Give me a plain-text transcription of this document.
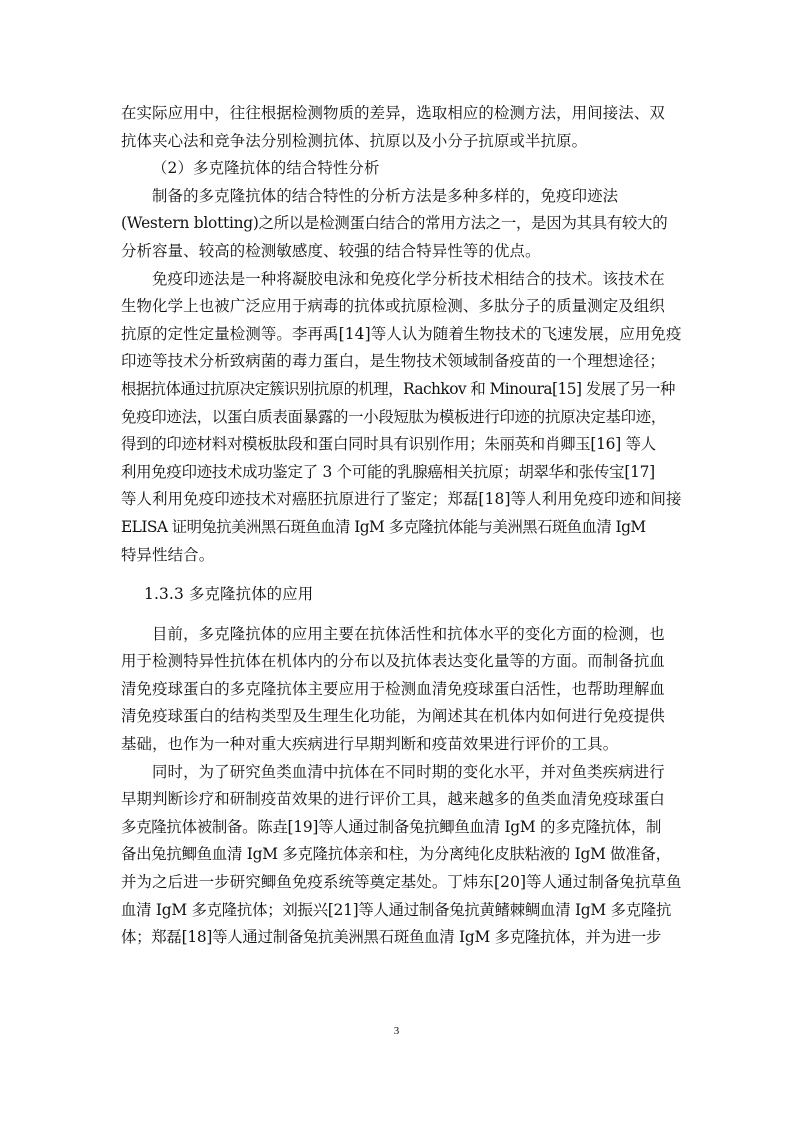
在实际应用中，往往根据检测物质的差异，选取相应的检测方法，用间接法、双
抗体夹心法和竞争法分别检测抗体、抗原以及小分子抗原或半抗原。
（2）多克隆抗体的结合特性分析
制备的多克隆抗体的结合特性的分析方法是多种多样的，免疫印迹法
(Western blotting)之所以是检测蛋白结合的常用方法之一，是因为其具有较大的
分析容量、较高的检测敏感度、较强的结合特异性等的优点。
免疫印迹法是一种将凝胶电泳和免疫化学分析技术相结合的技术。该技术在
生物化学上也被广泛应用于病毒的抗体或抗原检测、多肽分子的质量测定及组织
抗原的定性定量检测等。李再禹[14]等人认为随着生物技术的飞速发展，应用免疫
印迹等技术分析致病菌的毒力蛋白，是生物技术领域制备疫苗的一个理想途径；
根据抗体通过抗原决定簇识别抗原的机理，Rachkov 和 Minoura[15] 发展了另一种
免疫印迹法，以蛋白质表面暴露的一小段短肽为模板进行印迹的抗原决定基印迹，
得到的印迹材料对模板肽段和蛋白同时具有识别作用；朱丽英和肖卿玉[16] 等人
利用免疫印迹技术成功鉴定了 3 个可能的乳腺癌相关抗原；胡翠华和张传宝[17]
等人利用免疫印迹技术对癌胚抗原进行了鉴定；郑磊[18]等人利用免疫印迹和间接
ELISA 证明兔抗美洲黑石斑鱼血清 IgM 多克隆抗体能与美洲黑石斑鱼血清 IgM
特异性结合。
1.3.3 多克隆抗体的应用
目前，多克隆抗体的应用主要在抗体活性和抗体水平的变化方面的检测，也
用于检测特异性抗体在机体内的分布以及抗体表达变化量等的方面。而制备抗血
清免疫球蛋白的多克隆抗体主要应用于检测血清免疫球蛋白活性，也帮助理解血
清免疫球蛋白的结构类型及生理生化功能，为阐述其在机体内如何进行免疫提供
基础，也作为一种对重大疾病进行早期判断和疫苗效果进行评价的工具。
同时，为了研究鱼类血清中抗体在不同时期的变化水平，并对鱼类疾病进行
早期判断诊疗和研制疫苗效果的进行评价工具，越来越多的鱼类血清免疫球蛋白
多克隆抗体被制备。陈垚[19]等人通过制备兔抗鲫鱼血清 IgM 的多克隆抗体，制
备出兔抗鲫鱼血清 IgM 多克隆抗体亲和柱，为分离纯化皮肤粘液的 IgM 做准备，
并为之后进一步研究鲫鱼免疫系统等奠定基处。丁炜东[20]等人通过制备兔抗草鱼
血清 IgM 多克隆抗体；刘振兴[21]等人通过制备兔抗黄鳍棘鲷血清 IgM 多克隆抗
体；郑磊[18]等人通过制备兔抗美洲黑石斑鱼血清 IgM 多克隆抗体，并为进一步
3
